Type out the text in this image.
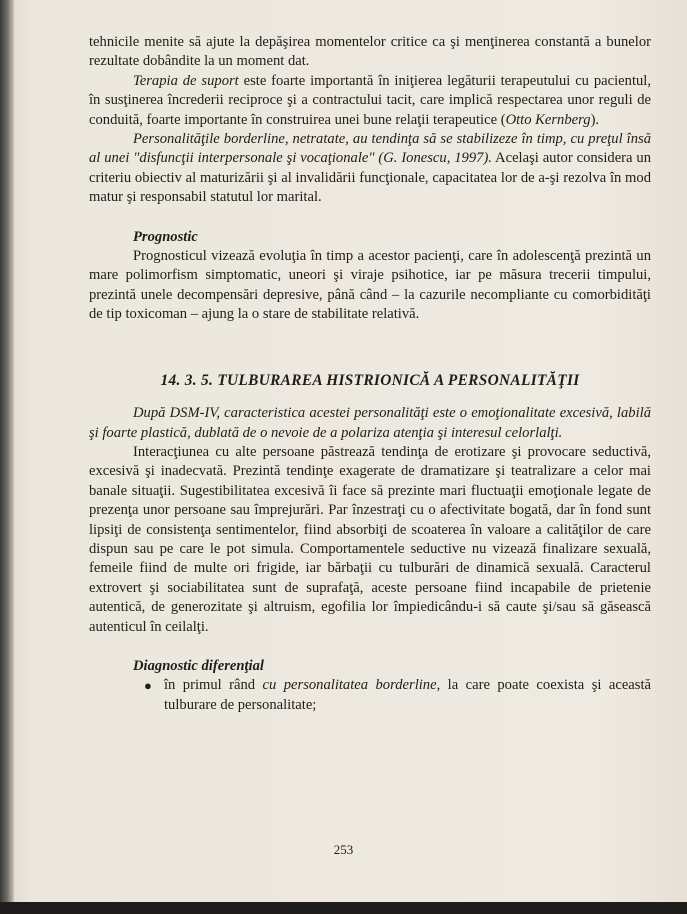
tehnicile menite să ajute la depăşirea momentelor critice ca şi menţinerea constantă a bunelor rezultate dobândite la un moment dat.

Terapia de suport este foarte importantă în iniţierea legăturii terapeutului cu pacientul, în susţinerea încrederii reciproce şi a contractului tacit, care implică respectarea unor reguli de conduită, foarte importante în construirea unei bune relaţii terapeutice (Otto Kernberg).

Personalităţile borderline, netratate, au tendinţa să se stabilizeze în timp, cu preţul însă al unei "disfuncţii interpersonale şi vocaţionale" (G. Ionescu, 1997). Acelaşi autor considera un criteriu obiectiv al maturizării şi al invalidării funcţionale, capacitatea lor de a-şi rezolva în mod matur şi responsabil statutul lor marital.

Prognostic

Prognosticul vizează evoluţia în timp a acestor pacienţi, care în adolescenţă prezintă un mare polimorfism simptomatic, uneori şi viraje psihotice, iar pe măsura trecerii timpului, prezintă unele decompensări depresive, până când – la cazurile necompliante cu comorbidităţi de tip toxicoman – ajung la o stare de stabilitate relativă.

14. 3. 5. TULBURAREA HISTRIONICĂ A PERSONALITĂŢII

După DSM-IV, caracteristica acestei personalităţi este o emoţionalitate excesivă, labilă şi foarte plastică, dublată de o nevoie de a polariza atenţia şi interesul celorlalţi.

Interacţiunea cu alte persoane păstrează tendinţa de erotizare şi provocare seductivă, excesivă şi inadecvată. Prezintă tendinţe exagerate de dramatizare şi teatralizare a celor mai banale situaţii. Sugestibilitatea excesivă îi face să prezinte mari fluctuaţii emoţionale legate de prezenţa unor persoane sau împrejurări. Par înzestraţi cu o afectivitate bogată, dar în fond sunt lipsiţi de consistenţa sentimentelor, fiind absorbiţi de scoaterea în valoare a calităţilor de care dispun sau pe care le pot simula. Comportamentele seductive nu vizează finalizare sexuală, femeile fiind de multe ori frigide, iar bărbaţii cu tulburări de dinamică sexuală. Caracterul extrovert şi sociabilitatea sunt de suprafaţă, aceste persoane fiind incapabile de prietenie autentică, de generozitate şi altruism, egofilia lor împiedicându-i să caute şi/sau să găsească autenticul în ceilalţi.

Diagnostic diferenţial

● în primul rând cu personalitatea borderline, la care poate coexista şi această tulburare de personalitate;
253
